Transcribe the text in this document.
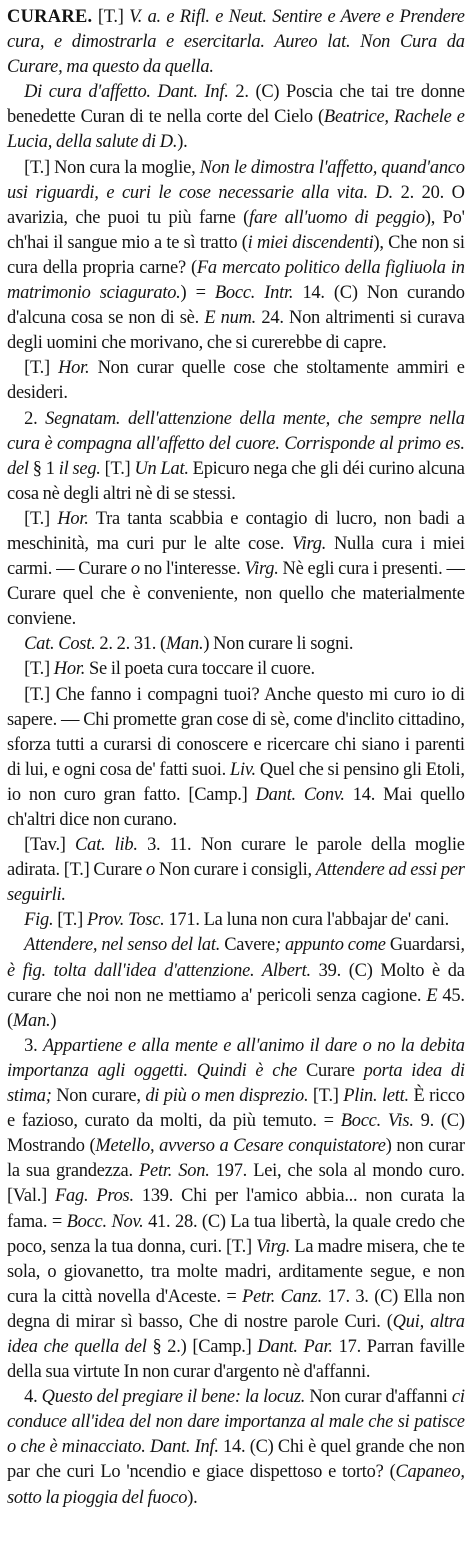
CURARE. [T.] V. a. e Rifl. e Neut. Sentire e Avere e Prendere cura, e dimostrarla e esercitarla. Aureo lat. Non Cura da Curare, ma questo da quella.

Di cura d'affetto. Dant. Inf. 2. (C) Poscia che tai tre donne benedette Curan di te nella corte del Cielo (Beatrice, Rachele e Lucia, della salute di D.).

[T.] Non cura la moglie, Non le dimostra l'affetto, quand'anco usi riguardi, e curi le cose necessarie alla vita. D. 2. 20. O avarizia, che puoi tu più farne (fare all'uomo di peggio), Po' ch'hai il sangue mio a te sì tratto (i miei discendenti), Che non si cura della propria carne? (Fa mercato politico della figliuola in matrimonio sciagurato.) = Bocc. Intr. 14. (C) Non curando d'alcuna cosa se non di sè. E num. 24. Non altrimenti si curava degli uomini che morivano, che si curerebbe di capre.

[T.] Hor. Non curar quelle cose che stoltamente ammiri e desideri.

2. Segnatam. dell'attenzione della mente, che sempre nella cura è compagna all'affetto del cuore. Corrisponde al primo es. del § 1 il seg. [T.] Un Lat. Epicuro nega che gli déi curino alcuna cosa nè degli altri nè di se stessi.

[T.] Hor. Tra tanta scabbia e contagio di lucro, non badi a meschinità, ma curi pur le alte cose. Virg. Nulla cura i miei carmi. — Curare o no l'interesse. Virg. Nè egli cura i presenti. — Curare quel che è conveniente, non quello che materialmente conviene.

Cat. Cost. 2. 2. 31. (Man.) Non curare li sogni.

[T.] Hor. Se il poeta cura toccare il cuore.

[T.] Che fanno i compagni tuoi? Anche questo mi curo io di sapere. — Chi promette gran cose di sè, come d'inclito cittadino, sforza tutti a curarsi di conoscere e ricercare chi siano i parenti di lui, e ogni cosa de' fatti suoi. Liv. Quel che si pensino gli Etoli, io non curo gran fatto. [Camp.] Dant. Conv. 14. Mai quello ch'altri dice non curano.

[Tav.] Cat. lib. 3. 11. Non curare le parole della moglie adirata. [T.] Curare o Non curare i consigli, Attendere ad essi per seguirli.

Fig. [T.] Prov. Tosc. 171. La luna non cura l'abbajar de' cani.

Attendere, nel senso del lat. Cavere; appunto come Guardarsi, è fig. tolta dall'idea d'attenzione. Albert. 39. (C) Molto è da curare che noi non ne mettiamo a' pericoli senza cagione. E 45. (Man.)

3. Appartiene e alla mente e all'animo il dare o no la debita importanza agli oggetti. Quindi è che Curare porta idea di stima; Non curare, di più o men disprezio. [T.] Plin. lett. È ricco e fazioso, curato da molti, da più temuto. = Bocc. Vis. 9. (C) Mostrando (Metello, avverso a Cesare conquistatore) non curar la sua grandezza. Petr. Son. 197. Lei, che sola al mondo curo. [Val.] Fag. Pros. 139. Chi per l'amico abbia... non curata la fama. = Bocc. Nov. 41. 28. (C) La tua libertà, la quale credo che poco, senza la tua donna, curi. [T.] Virg. La madre misera, che te sola, o giovanetto, tra molte madri, arditamente segue, e non cura la città novella d'Aceste. = Petr. Canz. 17. 3. (C) Ella non degna di mirar sì basso, Che di nostre parole Curi. (Qui, altra idea che quella del § 2.) [Camp.] Dant. Par. 17. Parran faville della sua virtute In non curar d'argento nè d'affanni.

4. Questo del pregiare il bene: la locuz. Non curar d'affanni ci conduce all'idea del non dare importanza al male che si patisce o che è minacciato. Dant. Inf. 14. (C) Chi è quel grande che non par che curi Lo 'ncendio e giace dispettoso e torto? (Capaneo, sotto la pioggia del fuoco).
